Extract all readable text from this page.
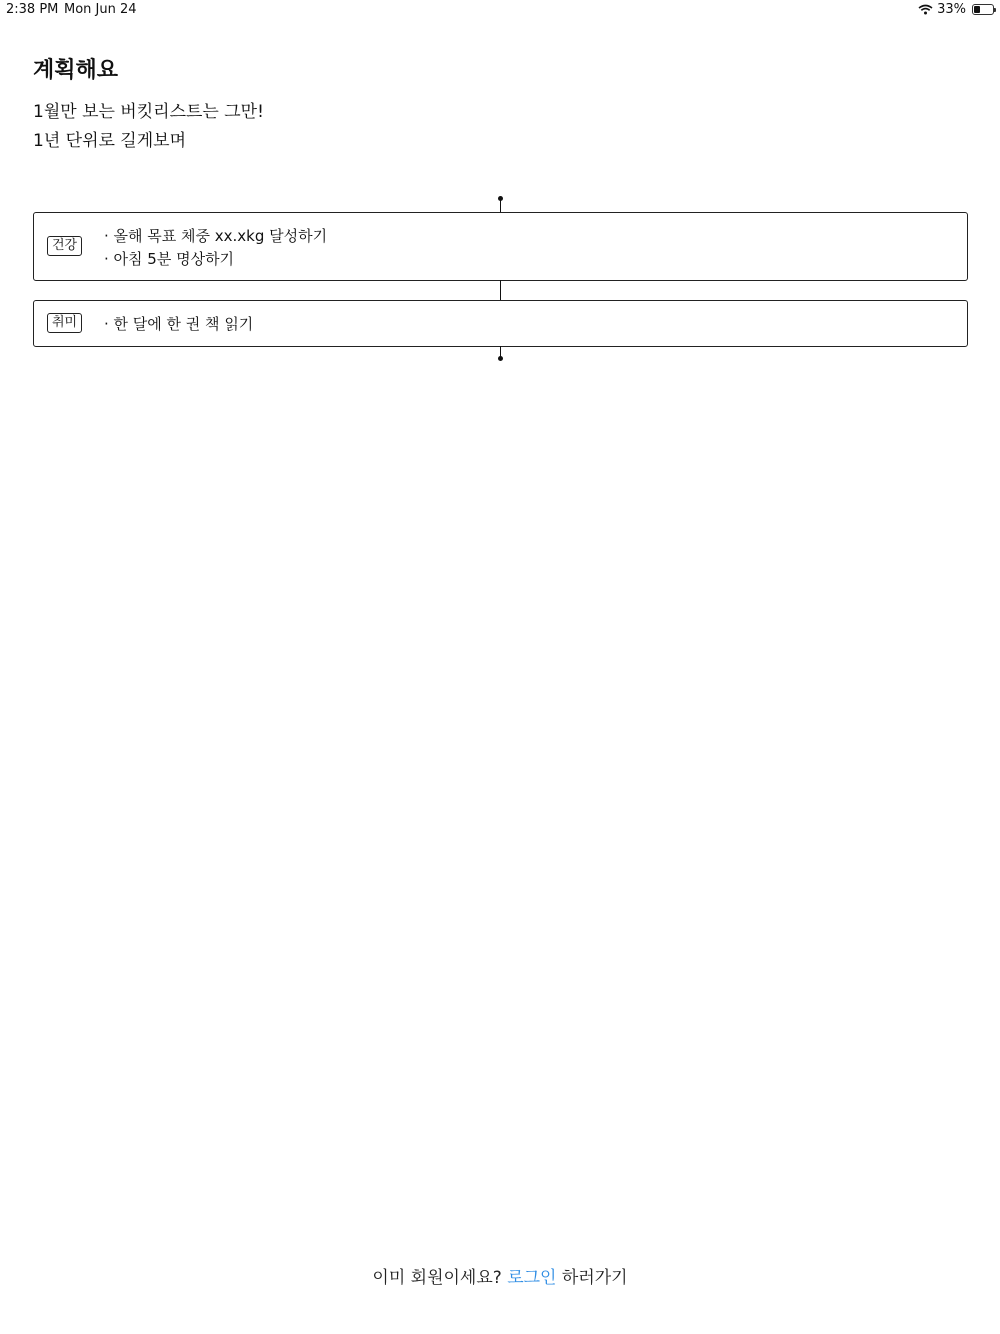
2:38 PM Mon Jun 24	33%
계획해요

1월만 보는 버킷리스트는 그만!

1년 단위로 길게보며

건강
· 올해 목표 체중 xx.xkg 달성하기
· 아침 5분 명상하기
취미	· 한 달에 한 권 책 읽기
이미 회원이세요? 로그인 하러가기
